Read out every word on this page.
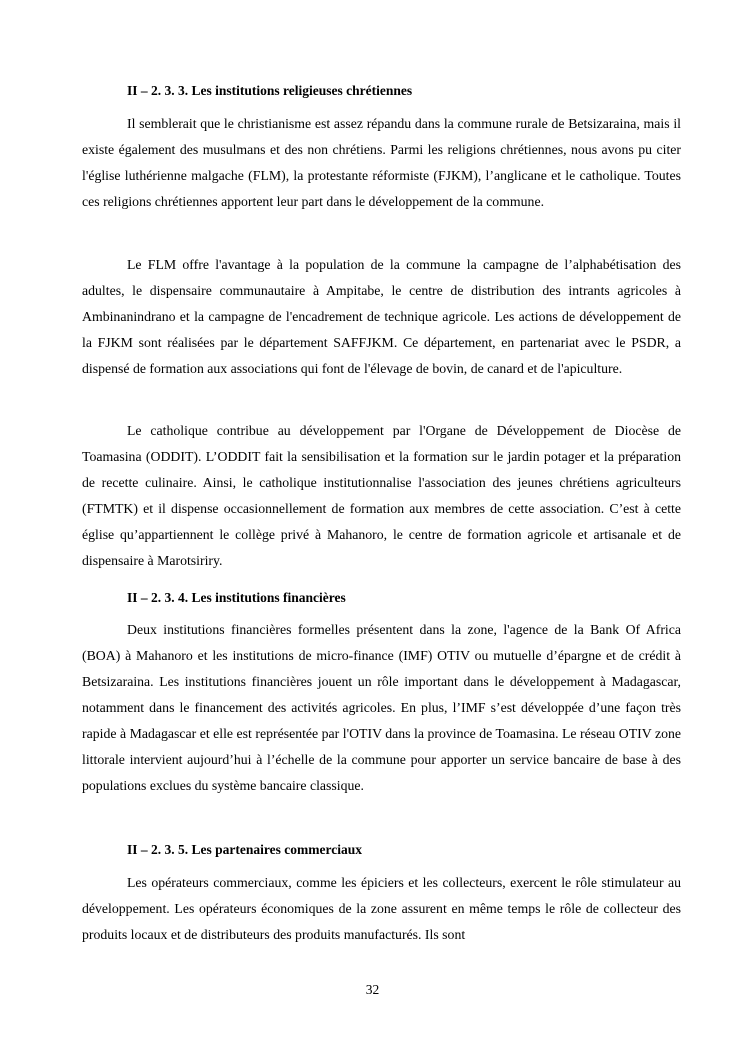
II – 2. 3. 3. Les institutions religieuses chrétiennes

Il semblerait que le christianisme est assez répandu dans la commune rurale de Betsizaraina, mais il existe également des musulmans et des non chrétiens. Parmi les religions chrétiennes, nous avons pu citer l'église luthérienne malgache (FLM), la protestante réformiste (FJKM), l’anglicane et le catholique. Toutes ces religions chrétiennes apportent leur part dans le développement de la commune.

Le FLM offre l'avantage à la population de la commune la campagne de l’alphabétisation des adultes, le dispensaire communautaire à Ampitabe, le centre de distribution des intrants agricoles à Ambinanindrano et la campagne de l'encadrement de technique agricole. Les actions de développement de la FJKM sont réalisées par le département SAFFJKM. Ce département, en partenariat avec le PSDR, a dispensé de formation aux associations qui font de l'élevage de bovin, de canard et de l'apiculture.

Le catholique contribue au développement par l'Organe de Développement de Diocèse de Toamasina (ODDIT). L’ODDIT fait la sensibilisation et la formation sur le jardin potager et la préparation de recette culinaire. Ainsi, le catholique institutionnalise l'association des jeunes chrétiens agriculteurs (FTMTK) et il dispense occasionnellement de formation aux membres de cette association. C’est à cette église qu’appartiennent le collège privé à Mahanoro, le centre de formation agricole et artisanale et de dispensaire à Marotsiriry.

II – 2. 3. 4. Les institutions financières

Deux institutions financières formelles présentent dans la zone, l'agence de la Bank Of Africa (BOA) à Mahanoro et les institutions de micro-finance (IMF) OTIV ou mutuelle d’épargne et de crédit à Betsizaraina. Les institutions financières jouent un rôle important dans le développement à Madagascar, notamment dans le financement des activités agricoles. En plus, l’IMF s’est développée d’une façon très rapide à Madagascar et elle est représentée par l'OTIV dans la province de Toamasina. Le réseau OTIV zone littorale intervient aujourd’hui à l’échelle de la commune pour apporter un service bancaire de base à des populations exclues du système bancaire classique.

II – 2. 3. 5. Les partenaires commerciaux

Les opérateurs commerciaux, comme les épiciers et les collecteurs, exercent le rôle stimulateur au développement. Les opérateurs économiques de la zone assurent en même temps le rôle de collecteur des produits locaux et de distributeurs des produits manufacturés. Ils sont

32
